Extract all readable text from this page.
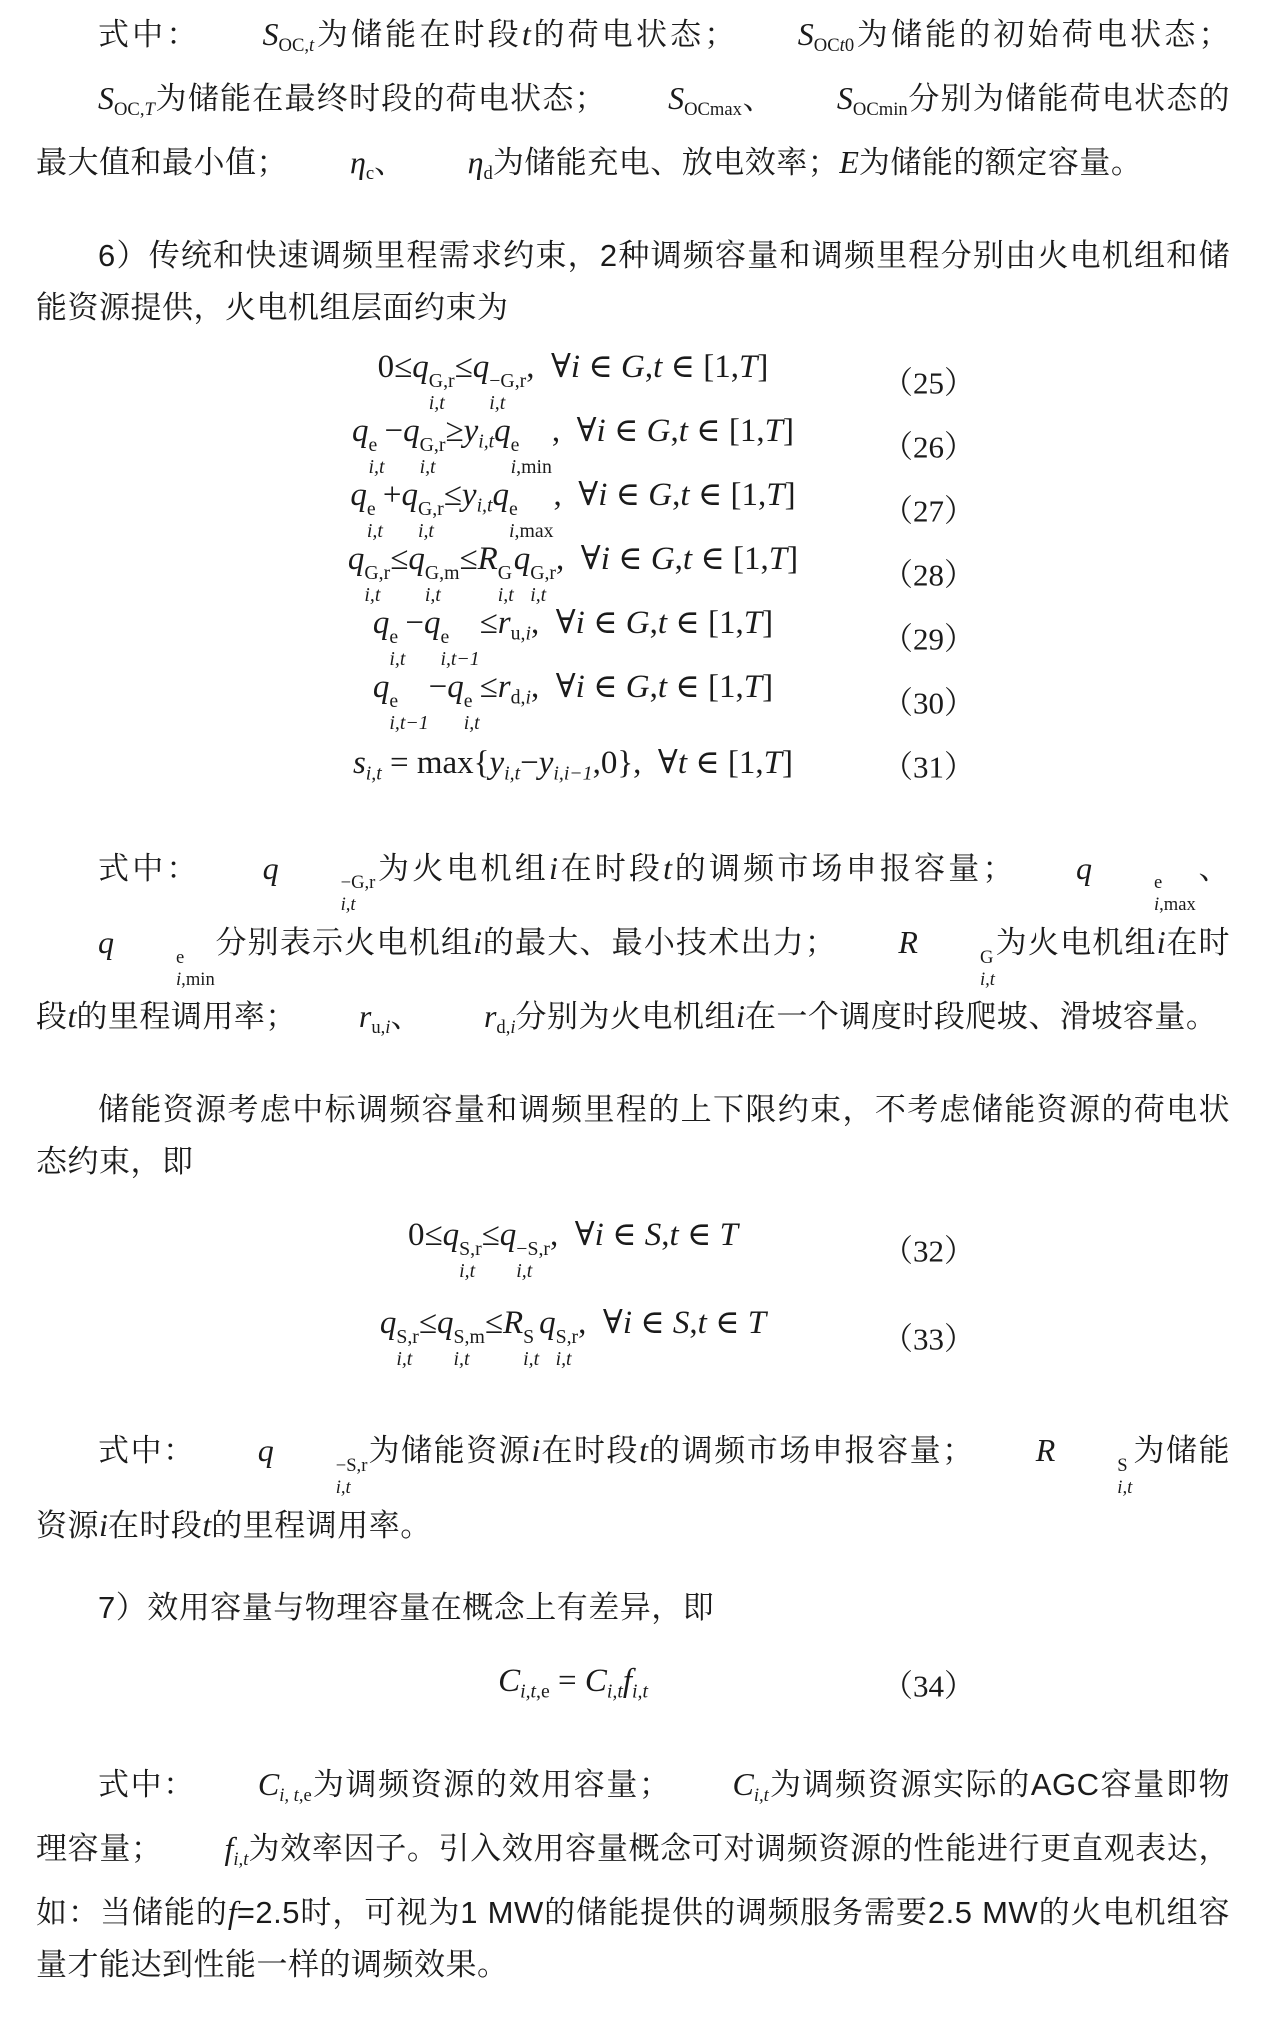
式中： SOC,t为储能在时段t的荷电状态； SOCt0为储能的初始荷电状态；SOC,T为储能在最终时段的荷电状态； SOCmax、 SOCmin分别为储能荷电状态的最大值和最小值； ηc、 ηd为储能充电、放电效率；E为储能的额定容量。

6）传统和快速调频里程需求约束，2种调频容量和调频里程分别由火电机组和储能资源提供，火电机组层面约束为

0≤q G,r
i,t
≤q −G,r
i,t
,  ∀i ∈ G,t ∈ [1,T]	（25）
q e
i,t
−q G,r
i,t
≥yi,tq e
i,min
,  ∀i ∈ G,t ∈ [1,T]	（26）
q e
i,t
+q G,r
i,t
≤yi,tq e
i,max
,  ∀i ∈ G,t ∈ [1,T]	（27）
q G,r
i,t
≤q G,m
i,t
≤R G
i,t
q G,r
i,t
,  ∀i ∈ G,t ∈ [1,T]	（28）
q e
i,t
−q e
i,t−1
≤ru,i,  ∀i ∈ G,t ∈ [1,T]	（29）
q e
i,t−1
−q e
i,t
≤rd,i,  ∀i ∈ G,t ∈ [1,T]	（30）
si,t = max{yi,t−yi,i−1,0},  ∀t ∈ [1,T]	（31）

式中： q	−G,r
i,t
为火电机组i在时段t的调频市场申报容量； q	e
i,max
、q	e
i,min
分别表示火电机组i的最大、最小技术出力； R	G
i,t
为火电机组i在时段t的里程调用率； ru,i、 rd,i分别为火电机组i在一个调度时段爬坡、滑坡容量。

储能资源考虑中标调频容量和调频里程的上下限约束，不考虑储能资源的荷电状态约束，即

0≤q S,r
i,t
≤q −S,r
i,t
,  ∀i ∈ S,t ∈ T	（32）
q S,r
i,t
≤q S,m
i,t
≤R S
i,t
q S,r
i,t
,  ∀i ∈ S,t ∈ T	（33）

式中： q	−S,r
i,t
为储能资源i在时段t的调频市场申报容量； R	S
i,t
为储能资源i在时段t的里程调用率。

7）效用容量与物理容量在概念上有差异，即

Ci,t,e = Ci,tfi,t	（34）

式中： Ci, t,e为调频资源的效用容量； Ci,t为调频资源实际的AGC容量即物理容量； fi,t为效率因子。引入效用容量概念可对调频资源的性能进行更直观表达，如：当储能的f=2.5时，可视为1 MW的储能提供的调频服务需要2.5 MW的火电机组容量才能达到性能一样的调频效果。
